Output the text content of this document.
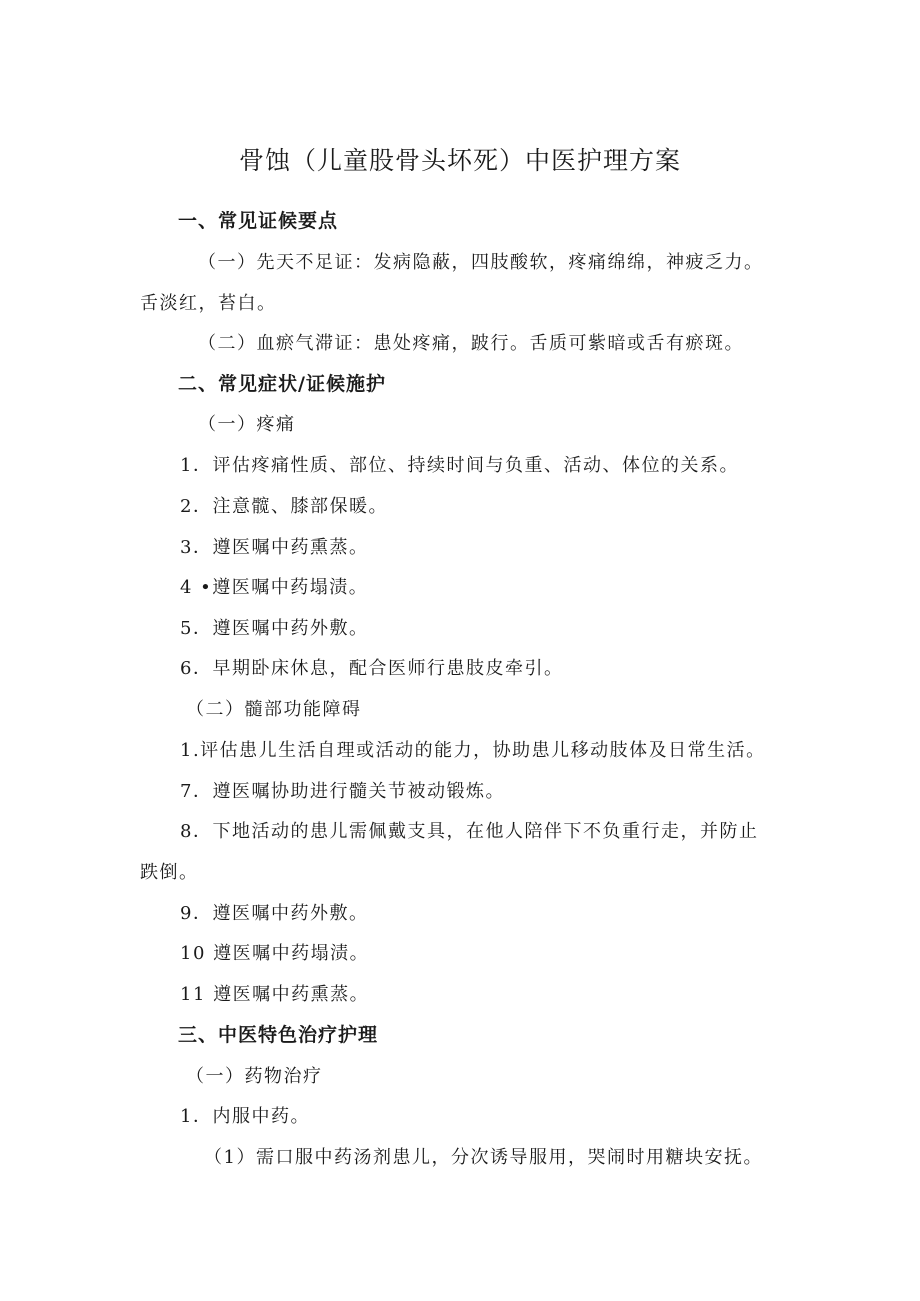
骨蚀（儿童股骨头坏死）中医护理方案
一、常见证候要点
（一）先天不足证：发病隐蔽，四肢酸软，疼痛绵绵，神疲乏力。
舌淡红，苔白。
（二）血瘀气滞证：患处疼痛，跛行。舌质可紫暗或舌有瘀斑。
二、常见症状/证候施护
（一）疼痛
1．评估疼痛性质、部位、持续时间与负重、活动、体位的关系。
2．注意髋、膝部保暖。
3．遵医嘱中药熏蒸。
4 •遵医嘱中药塌渍。
5．遵医嘱中药外敷。
6．早期卧床休息，配合医师行患肢皮牵引。
（二）髓部功能障碍
1.评估患儿生活自理或活动的能力，协助患儿移动肢体及日常生活。
7．遵医嘱协助进行髓关节被动锻炼。
8．下地活动的患儿需佩戴支具，在他人陪伴下不负重行走，并防止
跌倒。
9．遵医嘱中药外敷。
10 遵医嘱中药塌渍。
11 遵医嘱中药熏蒸。
三、中医特色治疗护理
（一）药物治疗
1．内服中药。
（1）需口服中药汤剂患儿，分次诱导服用，哭闹时用糖块安抚。
